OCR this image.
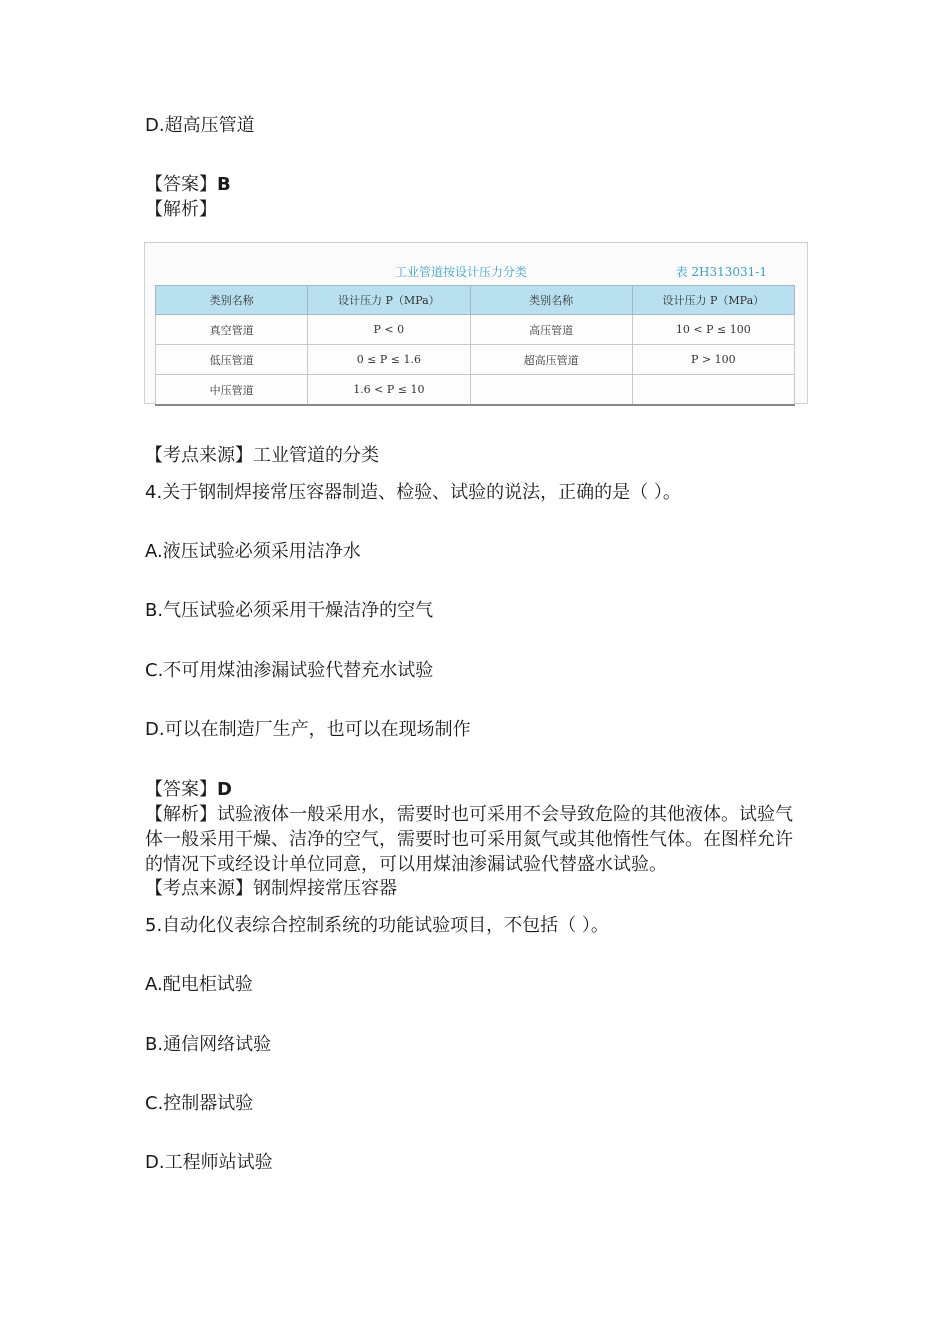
D.超高压管道
【答案】B
【解析】
工业管道按设计压力分类	表 2H313031-1
类别名称	设计压力 P（MPa）	类别名称	设计压力 P（MPa）
真空管道	P < 0	高压管道	10 < P ≤ 100
低压管道	0 ≤ P ≤ 1.6	超高压管道	P > 100
中压管道	1.6 < P ≤ 10		
【考点来源】工业管道的分类
4.关于钢制焊接常压容器制造、检验、试验的说法，正确的是（ ）。
A.液压试验必须采用洁净水
B.气压试验必须采用干燥洁净的空气
C.不可用煤油渗漏试验代替充水试验
D.可以在制造厂生产，也可以在现场制作
【答案】D
【解析】试验液体一般采用水，需要时也可采用不会导致危险的其他液体。试验气体一般采用干燥、洁净的空气，需要时也可采用氮气或其他惰性气体。在图样允许的情况下或经设计单位同意，可以用煤油渗漏试验代替盛水试验。
【考点来源】钢制焊接常压容器
5.自动化仪表综合控制系统的功能试验项目，不包括（ ）。
A.配电柜试验
B.通信网络试验
C.控制器试验
D.工程师站试验
